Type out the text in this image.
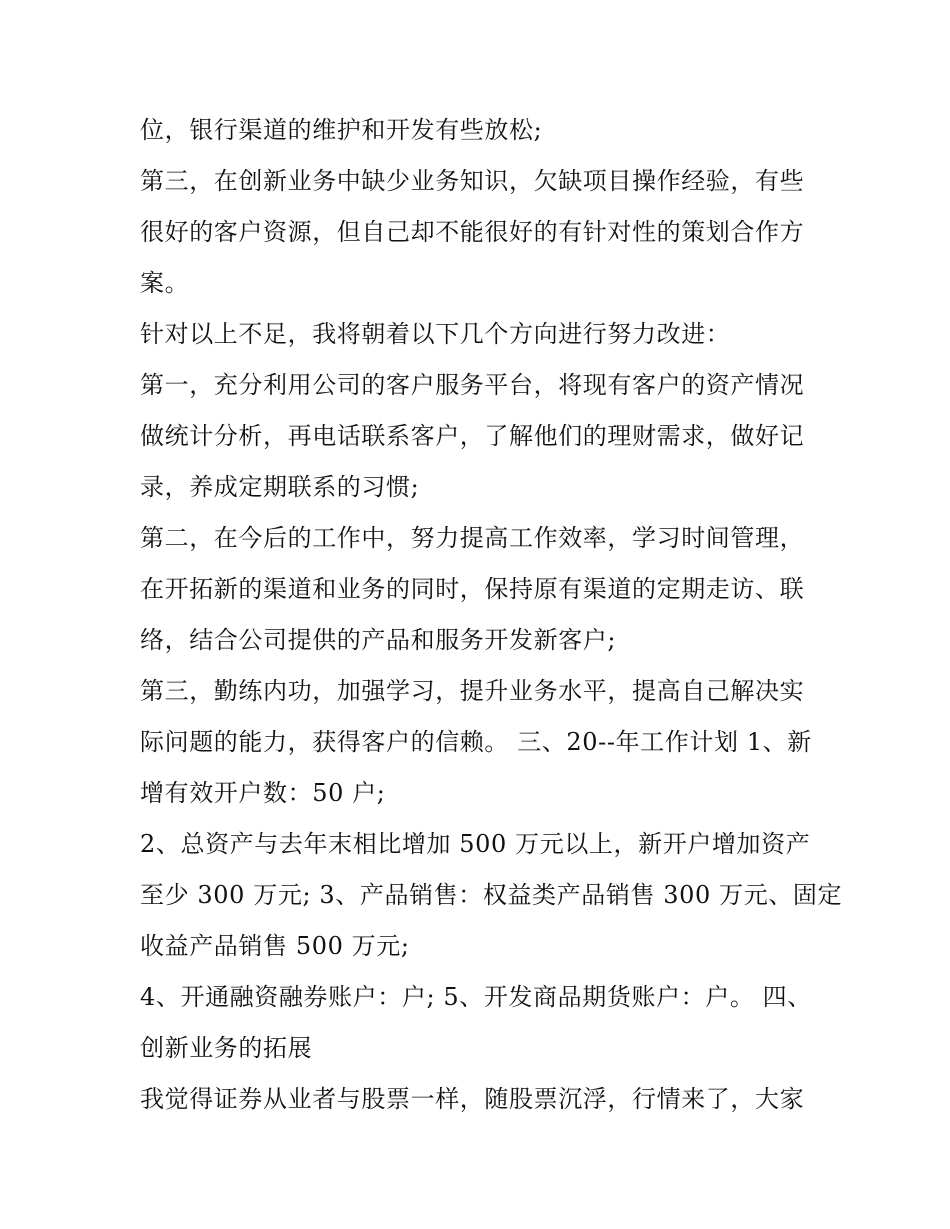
位，银行渠道的维护和开发有些放松;
第三，在创新业务中缺少业务知识，欠缺项目操作经验，有些
很好的客户资源，但自己却不能很好的有针对性的策划合作方
案。
针对以上不足，我将朝着以下几个方向进行努力改进：
第一，充分利用公司的客户服务平台，将现有客户的资产情况
做统计分析，再电话联系客户，了解他们的理财需求，做好记
录，养成定期联系的习惯;
第二，在今后的工作中，努力提高工作效率，学习时间管理，
在开拓新的渠道和业务的同时，保持原有渠道的定期走访、联
络，结合公司提供的产品和服务开发新客户;
第三，勤练内功，加强学习，提升业务水平，提高自己解决实
际问题的能力，获得客户的信赖。 三、20--年工作计划 1、新
增有效开户数：50 户;
2、总资产与去年末相比增加 500 万元以上，新开户增加资产
至少 300 万元; 3、产品销售：权益类产品销售 300 万元、固定
收益产品销售 500 万元;
4、开通融资融券账户：户; 5、开发商品期货账户：户。 四、
创新业务的拓展
我觉得证券从业者与股票一样，随股票沉浮，行情来了，大家
